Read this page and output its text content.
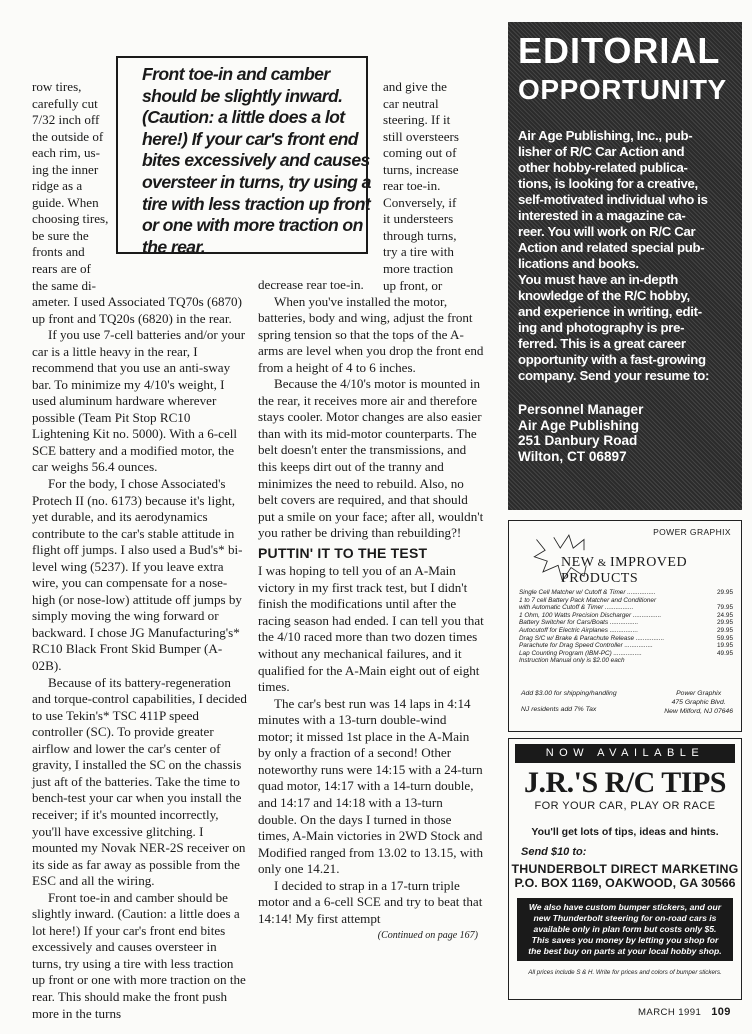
row tires,
carefully cut
7/32 inch off
the outside of
each rim, us-
ing the inner
ridge as a
guide. When
choosing tires,
be sure the
fronts and
rears are of
the same di-
Front toe-in and camber
should be slightly inward.
(Caution: a little does a lot
here!) If your car's front end
bites excessively and causes
oversteer in turns, try using a
tire with less traction up front
or one with more traction on
the rear.
and give the
car neutral
steering. If it
still oversteers
coming out of
turns, increase
rear toe-in.
Conversely, if
it understeers
through turns,
try a tire with
more traction
up front, or

ameter. I used Associated TQ70s (6870) up front and TQ20s (6820) in the rear.

If you use 7-cell batteries and/or your car is a little heavy in the rear, I recommend that you use an anti-sway bar. To minimize my 4/10's weight, I used aluminum hardware wherever possible (Team Pit Stop RC10 Lightening Kit no. 5000). With a 6-cell SCE battery and a modified motor, the car weighs 56.4 ounces.

For the body, I chose Associated's Protech II (no. 6173) because it's light, yet durable, and its aerodynamics contribute to the car's stable attitude in flight off jumps. I also used a Bud's* bi-level wing (5237). If you leave extra wire, you can compensate for a nose-high (or nose-low) attitude off jumps by simply moving the wing forward or backward. I chose JG Manufacturing's* RC10 Black Front Skid Bumper (A-02B).

Because of its battery-regeneration and torque-control capabilities, I decided to use Tekin's* TSC 411P speed controller (SC). To provide greater airflow and lower the car's center of gravity, I installed the SC on the chassis just aft of the batteries. Take the time to bench-test your car when you install the receiver; if it's mounted incorrectly, you'll have excessive glitching. I mounted my Novak NER-2S receiver on its side as far away as possible from the ESC and all the wiring.

Front toe-in and camber should be slightly inward. (Caution: a little does a lot here!) If your car's front end bites excessively and causes oversteer in turns, try using a tire with less traction up front or one with more traction on the rear. This should make the front push more in the turns

decrease rear toe-in.

When you've installed the motor, batteries, body and wing, adjust the front spring tension so that the tops of the A-arms are level when you drop the front end from a height of 4 to 6 inches.

Because the 4/10's motor is mounted in the rear, it receives more air and therefore stays cooler. Motor changes are also easier than with its mid-motor counterparts. The belt doesn't enter the transmissions, and this keeps dirt out of the tranny and minimizes the need to rebuild. Also, no belt covers are required, and that should put a smile on your face; after all, wouldn't you rather be driving than rebuilding?!

PUTTIN' IT TO THE TEST

I was hoping to tell you of an A-Main victory in my first track test, but I didn't finish the modifications until after the racing season had ended. I can tell you that the 4/10 raced more than two dozen times without any mechanical failures, and it qualified for the A-Main eight out of eight times.

The car's best run was 14 laps in 4:14 minutes with a 13-turn double-wind motor; it missed 1st place in the A-Main by only a fraction of a second! Other noteworthy runs were 14:15 with a 24-turn quad motor, 14:17 with a 14-turn double, and 14:17 and 14:18 with a 13-turn double. On the days I turned in those times, A-Main victories in 2WD Stock and Modified ranged from 13.02 to 13.15, with only one 14.21.

I decided to strap in a 17-turn triple motor and a 6-cell SCE and try to beat that 14:14! My first attempt

(Continued on page 167)
EDITORIAL
OPPORTUNITY
Air Age Publishing, Inc., pub-
lisher of R/C Car Action and
other hobby-related publica-
tions, is looking for a creative,
self-motivated individual who is
interested in a magazine ca-
reer. You will work on R/C Car
Action and related special pub-
lications and books.
You must have an in-depth
knowledge of the R/C hobby,
and experience in writing, edit-
ing and photography is pre-
ferred. This is a great career
opportunity with a fast-growing
company. Send your resume to:
Personnel Manager
Air Age Publishing
251 Danbury Road
Wilton, CT 06897
POWER GRAPHIX
NEW & IMPROVED PRODUCTS
Single Cell Matcher w/ Cutoff & Timer ................	29.95
1 to 7 cell Battery Pack Matcher and Conditioner
with Automatic Cutoff & Timer ................	79.95
1 Ohm, 100 Watts Precision Discharger ................	24.95
Battery Switcher for Cars/Boats ................	29.95
Autocutoff for Electric Airplanes ................	29.95
Drag S/C w/ Brake & Parachute Release ................	59.95
Parachute for Drag Speed Controller ................	19.95
Lap Counting Program (IBM-PC) ................	49.95
Instruction Manual only is $2.00 each
Add $3.00 for shipping/handling
NJ residents add 7% Tax
Power Graphix
475 Graphic Blvd.
New Milford, NJ 07646
NOW AVAILABLE
J.R.'S R/C TIPS
FOR YOUR CAR, PLAY OR RACE
You'll get lots of tips, ideas and hints.
Send $10 to:
THUNDERBOLT DIRECT MARKETING
P.O. BOX 1169, OAKWOOD, GA 30566
We also have custom bumper stickers, and our
new Thunderbolt steering for on-road cars is
available only in plan form but costs only $5.
This saves you money by letting you shop for
the best buy on parts at your local hobby shop.
All prices include S & H. Write for prices and colors of bumper stickers.
MARCH 1991 109
